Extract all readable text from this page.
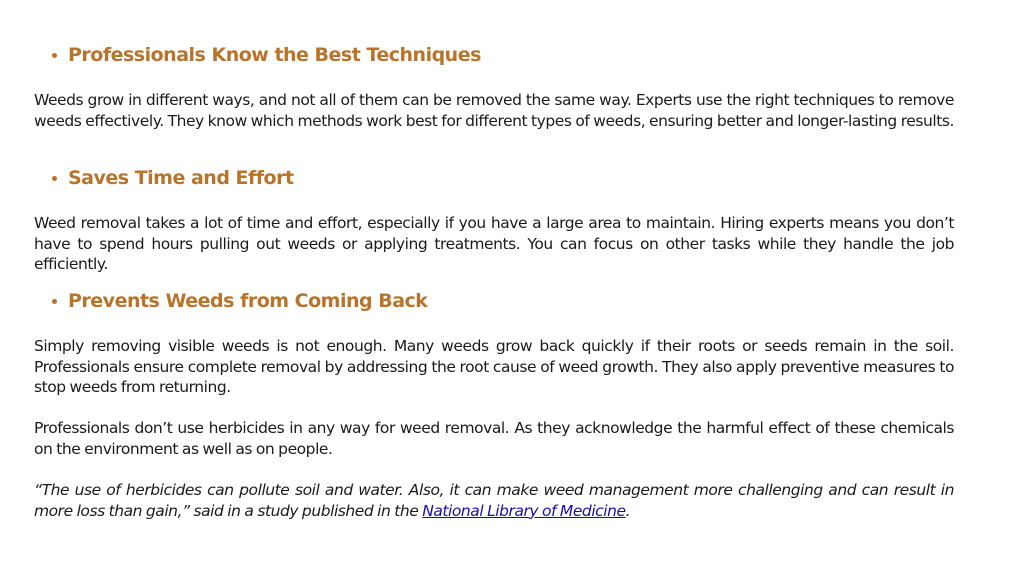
Professionals Know the Best Techniques
Weeds grow in different ways, and not all of them can be removed the same way. Experts use the right techniques to remove weeds effectively. They know which methods work best for different types of weeds, ensuring better and longer-lasting results.
Saves Time and Effort
Weed removal takes a lot of time and effort, especially if you have a large area to maintain. Hiring experts means you don’t have to spend hours pulling out weeds or applying treatments. You can focus on other tasks while they handle the job efficiently.
Prevents Weeds from Coming Back
Simply removing visible weeds is not enough. Many weeds grow back quickly if their roots or seeds remain in the soil. Professionals ensure complete removal by addressing the root cause of weed growth. They also apply preventive measures to stop weeds from returning.
Professionals don’t use herbicides in any way for weed removal. As they acknowledge the harmful effect of these chemicals on the environment as well as on people.
“The use of herbicides can pollute soil and water. Also, it can make weed management more challenging and can result in more loss than gain,” said in a study published in the National Library of Medicine.
